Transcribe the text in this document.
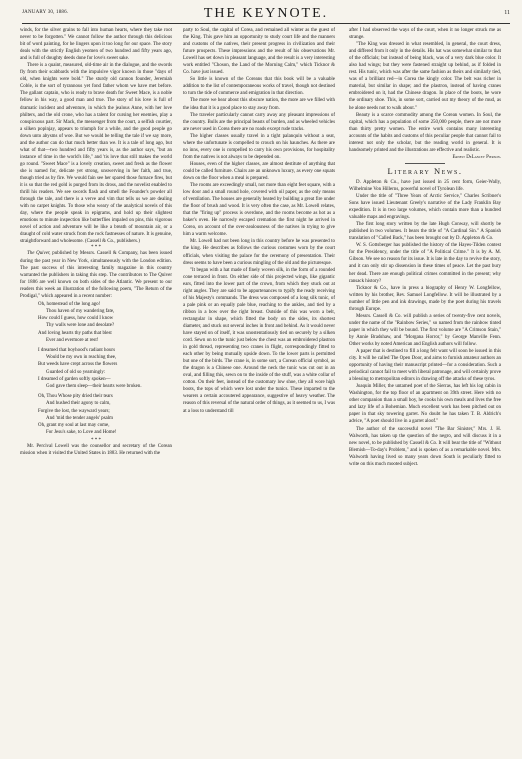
JANUARY 30, 1886.	THE KEYNOTE.	11

winds, for the silver grains to fall into human hearts, where they take root never to be forgotten." We cannot follow the author through this delicious bit of word painting, for he lingers upon it too long for our space. The story deals with the strictly English yeomen of two hundred and fifty years ago, and is full of doughty deeds done for love's sweet sake.

There is a quaint, measured, old-time air in the dialogue, and the swords fly from their scabbards with the impulsive vigor known in those "days of old, when knights were bold." The sturdy old cannon founder, Jeremiah Coble, is the sort of tyrannous yet fond father whom we have met before. The gallant captain, who is ready to brave death for Sweet Mace, is a noble fellow in his way, a good man and true. The story of his love is full of dramatic incident and adventure, in which the jealous Anne, with her love philters, and the old crone, who has a talent for cursing her enemies, play a conspicuous part. Sir Mack, the messenger from the court, a selfish courtier, a silken popinjay, appears to triumph for a while, and the good people go down unto abysms of woe. But we would be telling the tale if we say more, and the author can do that much better than we. It is a tale of long ago, but what of that—two hundred and fifty years is, as the author says, "but an instance of time in the world's life," and 'tis love that still makes the world go round. "Sweet Mace" is a lovely creation, sweet and fresh as the flower she is named for, delicate yet strong, unswerving in her faith, and true, though tried as by fire. We would fain see her spared those furnace fires, but it is so that the red gold is purged from its dross, and the novelist enabled to thrill his readers. We see swords flash and smell the Founder's powder all through the tale, and there is a verve and vim that tells us we are dealing with no carpet knights. To those who weary of the analytical novels of this day, where the people speak in epigrams, and hold up their slightest emotions to minute inspection like butterflies impaled on pins, this vigorous novel of action and adventure will be like a breath of mountain air, or a draught of cold water struck from the rock fastnesses of nature. It is genuine, straightforward and wholesome. (Cassell & Co., publishers.)

* * *

The Quiver, published by Messrs. Cassell & Company, has been issued during the past year in New York, simultaneously with the London edition. The past success of this interesting family magazine in this country warranted the publishers in taking this step. The contributors to The Quiver for 1886 are well known on both sides of the Atlantic. We present to our readers this week an illustration of the following poem, "The Return of the Prodigal," which appeared in a recent number:

Oh, homestead of the long ago!
Thou haven of my wandering fate,
How could I guess, how could I know
Thy walls were lone and desolate?
And loving hearts thy paths that blest
Ever and evermore at rest!
I dreamed that boyhood's radiant hours
Would be my own in reaching thee,
But weeds have crept across the flowers
Guarded of old so yearningly:
I dreamed of garden softly spoken—
God gave them sleep—their hearts were broken.
Oh, Thou Whose pity dried their tears
And hushed their agony to calm,
Forgive the lost, the wayward years;
And 'mid the tender angels' psalm
Oh, grant my soul at last may come,
For Jesu's sake, to Love and Home!
* * *

Mr. Percival Lowell was the counsellor and secretary of the Corean mission when it visited the United States in 1883. He returned with the

party to Soul, the capital of Corea, and remained all winter as the guest of the King. This gave him an opportunity to study court life and the manners and customs of the natives, their present progress in civilization and their future prospects. These impressions and the result of his observations Mr. Lowell has set down in pleasant language, and the result is a very interesting work entitled "Choson, the Land of the Morning Calm," which Ticknor & Co. have just issued.

So little is known of the Coreans that this book will be a valuable addition to the list of contemporaneous works of travel, though not destined to turn the tide of commerce and emigration in that direction.

The more we hear about this obscure nation, the more are we filled with the idea that it is a good place to stay away from.

The traveler particularly cannot carry away any pleasant impressions of the country. Bulls are the principal beasts of burden, and as wheeled vehicles are never used in Corea there are no roads except rude tracks.

The higher classes usually travel in a tight palanquin without a seat, where the unfortunate is compelled to crouch on his haunches. As there are no inns, every one is compelled to carry his own provisions, for hospitality from the natives is not always to be depended on.

Houses, even of the higher classes, are almost destitute of anything that could be called furniture. Chairs are an unknown luxury, as every one squats down on the floor when a meal is prepared.

The rooms are exceedingly small, not more than eight feet square, with a low door and a small round hole, covered with oil paper, as the only means of ventilation. The houses are generally heated by building a great fire under the floor of brush and wood. It is very often the case, as Mr. Lowell relates, that the "firing up" process is overdone, and the rooms become as hot as a baker's oven. He narrowly escaped cremation the first night he arrived in Corea, on account of the over-zealousness of the natives in trying to give him a warm welcome.

Mr. Lowell had not been long in this country before he was presented to the king. He describes as follows the curious costumes worn by the court officials, when visiting the palace for the ceremony of presentation. Their dress seems to have been a curious mingling of the old and the picturesque.

"It began with a hat made of finely woven silk, in the form of a rounded cone terraced in front. On either side of this projected wings, like gigantic ears, fitted into the lower part of the crown, from which they stuck out at right angles. They are said to be appurtenances to typify the ready receiving of his Majesty's commands. The dress was composed of a long silk tunic, of a pale pink or an equally pale blue, reaching to the ankles, and tied by a ribbon in a bow over the right breast. Outside of this was worn a belt, rectangular in shape, which fitted the body on the sides, its shortest diameter, and stuck out several inches in front and behind. As it would never have stayed on of itself, it was unostentatiously tied on securely by a silken cord. Sewn on to the tunic just below the chest was an embroidered plastron in gold thread, representing two cranes in flight, correspondingly fitted to each other by being mutually upside down. To the lower parts is permitted but one of the birds. The crane is, in some sort, a Corean official symbol, as the dragon is a Chinese one. Around the neck the tunic was cut out in an oval, and filling this, sewn on to the inside of the stuff, was a white collar of cotton. On their feet, instead of the customary low shoe, they all wore high boots, the tops of which were lost under the tunics. These imparted to the wearers a certain accoutered appearance, suggestive of heavy weather. The reason of this reversal of the natural order of things, as it seemed to us, I was at a loss to understand till

after I had observed the ways of the court, when it no longer struck me as strange.

"The King was dressed in what resembled, in general, the court dress, and differed from it only in the details. His hat was somewhat similar to that of the officials; but instead of being black, was of a very dark blue color. It also had wings; but they were fastened straight up behind, as if folded in rest. His tunic, which was after the same fashion as theirs and similarly tied, was of a brilliant red—in Corea the kingly color. The belt was richer in material, but similar in shape; and the plastron, instead of having cranes embroidered on it, had the Chinese dragon. In place of the boots, he wore the ordinary shoe. This, in some sort, carried out my theory of the mud, as he alone needs not to walk about."

Beauty is a scarce commodity among the Corean women. In Soul, the capital, which has a population of some 250,000 people, there are not more than thirty pretty women. The entire work contains many interesting accounts of the habits and customs of this peculiar people that cannot fail to interest not only the scholar, but the reading world in general. It is handsomely printed and the illustrations are effective and realistic.

Ernest DeLancey Pierson.

Literary News.

D. Appleton & Co., have just issued in 25 cent form, Geier-Wally, Wilhelmine Von Hillerns, powerful novel of Tyrolean life.

Under the title of "Three Years of Arctic Service," Charles Scribner's Sons have issued Lieutenant Greely's narrative of the Lady Franklin Bay expedition. It is in two large volumes, which contain more than a hundred valuable maps and engravings.

The first long story written by the late Hugh Conway, will shortly be published in two volumes. It bears the title of "A Cardinal Sin." A Spanish translation of "Called Back," has been brought out by D. Appleton & Co.

W. S. Gottsberger has published the history of the Hayes-Tilden contest for the Presidency, under the title of "A Political Crime." It is by A. M. Gibson. We see no reason for its issue. It is late in the day to revive the story, and it can only stir up dissension in these times of peace. Let the past bury her dead. There are enough political crimes committed in the present; why ransack history?

Ticknor & Co., have in press a biography of Henry W. Longfellow, written by his brother, Rev. Samuel Longfellow. It will be illustrated by a number of little pen and ink drawings, made by the poet during his travels through Europe.

Messrs. Cassell & Co. will publish a series of twenty-five cent novels, under the name of the "Rainbow Series," so named from the rainbow tinted paper in which they will be bound. The first volume are "A Crimson Stain," by Annie Bradshaw, and "Morgana Horror," by George Manville Fenn. Other works by noted American and English authors will follow.

A paper that is destined to fill a long felt want will soon be issued in this city. It will be called The Open Door, and aims to furnish amateur authors an opportunity of having their manuscript printed—for a consideration. Such a periodical cannot fail to meet with liberal patronage, and will certainly prove a blessing to metropolitan editors in drawing off the attacks of these tyros.

Joaquin Miller, the untamed poet of the Sierras, has left his log cabin in Washington, for the top floor of an apartment on 39th street. Here with no other companion than a small boy, he cooks his own meals and lives the free and lazy life of a Bohemian. Much excellent work has been pitched out on paper in that sky towering garret. No doubt he has taken T. B. Aldrich's advice, "A poet should live in a garret aloof."

The author of the successful novel "The Bar Sinister," Mrs. J. H. Walworth, has taken up the question of the negro, and will discuss it in a new novel, to be published by Cassell & Co. It will bear the title of "Without Blemish—To-day's Problem," and is spoken of as a remarkable novel. Mrs. Walworth having lived so many years down South is peculiarly fitted to write on this much mooted subject.
